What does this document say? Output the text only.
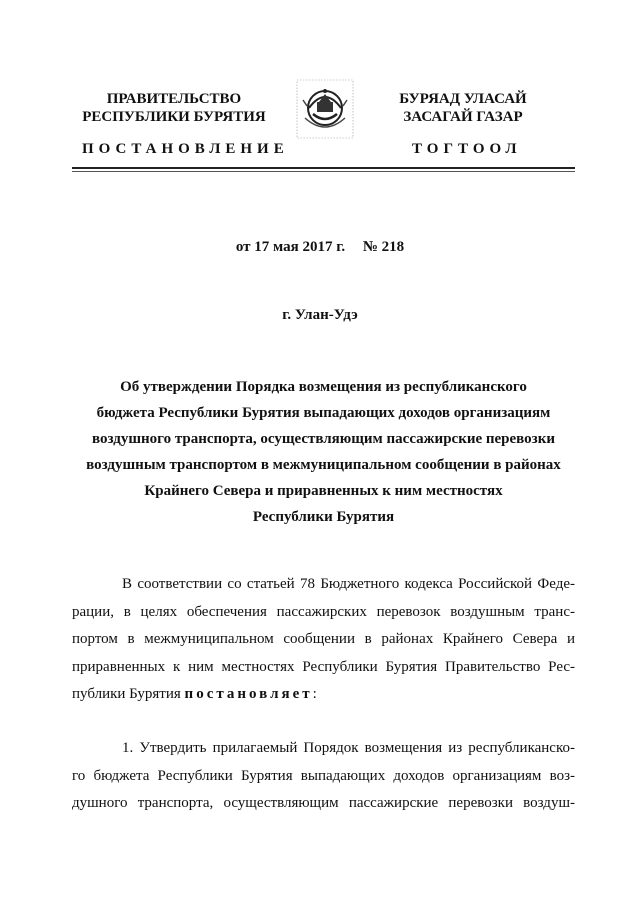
ПРАВИТЕЛЬСТВО
РЕСПУБЛИКИ БУРЯТИЯ
БУРЯАД УЛАСАЙ
ЗАСАГАЙ ГАЗАР
ПОСТАНОВЛЕНИЕ	ТОГТООЛ
от 17 мая 2017 г. № 218
г. Улан-Удэ
Об утверждении Порядка возмещения из республиканского
бюджета Республики Бурятия выпадающих доходов организациям
воздушного транспорта, осуществляющим пассажирские перевозки
воздушным транспортом в межмуниципальном сообщении в районах
Крайнего Севера и приравненных к ним местностях
Республики Бурятия
В соответствии со статьей 78 Бюджетного кодекса Российской Феде-
рации, в целях обеспечения пассажирских перевозок воздушным транс-
портом в межмуниципальном сообщении в районах Крайнего Севера и
приравненных к ним местностях Республики Бурятия Правительство Рес-
публики Бурятия постановляет:
1. Утвердить прилагаемый Порядок возмещения из республиканско-
го бюджета Республики Бурятия выпадающих доходов организациям воз-
душного транспорта, осуществляющим пассажирские перевозки воздуш-
